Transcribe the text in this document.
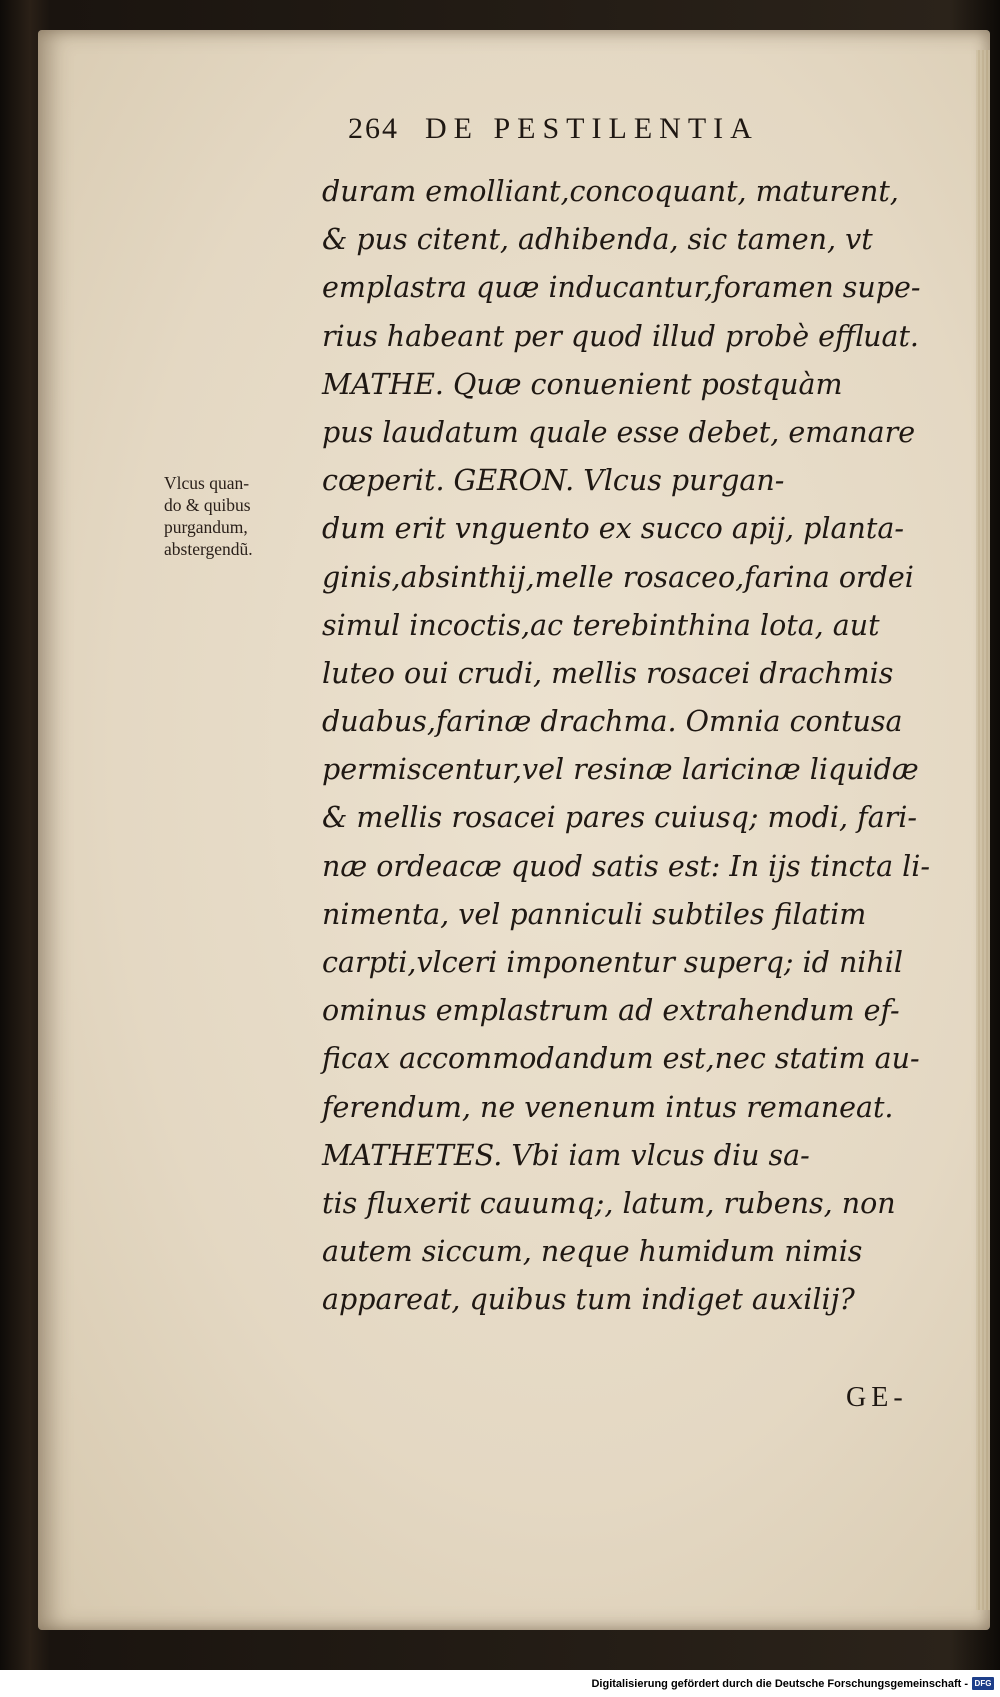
264 DE PESTILENTIA
Vlcus quan-
do & quibus
purgandum,
abstergendũ.
duram emolliant,concoquant, maturent,
& pus citent, adhibenda, sic tamen, vt
emplastra quæ inducantur,foramen supe-
rius habeant per quod illud probè effluat.
MATHE. Quæ conuenient postquàm
pus laudatum quale esse debet, emanare
cœperit. GERON. Vlcus purgan-
dum erit vnguento ex succo apij, planta-
ginis,absinthij,melle rosaceo,farina ordei
simul incoctis,ac terebinthina lota, aut
luteo oui crudi, mellis rosacei drachmis
duabus,farinæ drachma. Omnia contusa
permiscentur,vel resinæ laricinæ liquidæ
& mellis rosacei pares cuiusq; modi, fari-
næ ordeacæ quod satis est: In ijs tincta li-
nimenta, vel panniculi subtiles filatim
carpti,vlceri imponentur superq; id nihil
ominus emplastrum ad extrahendum ef-
ficax accommodandum est,nec statim au-
ferendum, ne venenum intus remaneat.
MATHETES. Vbi iam vlcus diu sa-
tis fluxerit cauumq;, latum, rubens, non
autem siccum, neque humidum nimis
appareat, quibus tum indiget auxilij?
GE-
Digitalisierung gefördert durch die Deutsche Forschungsgemeinschaft - DFG
